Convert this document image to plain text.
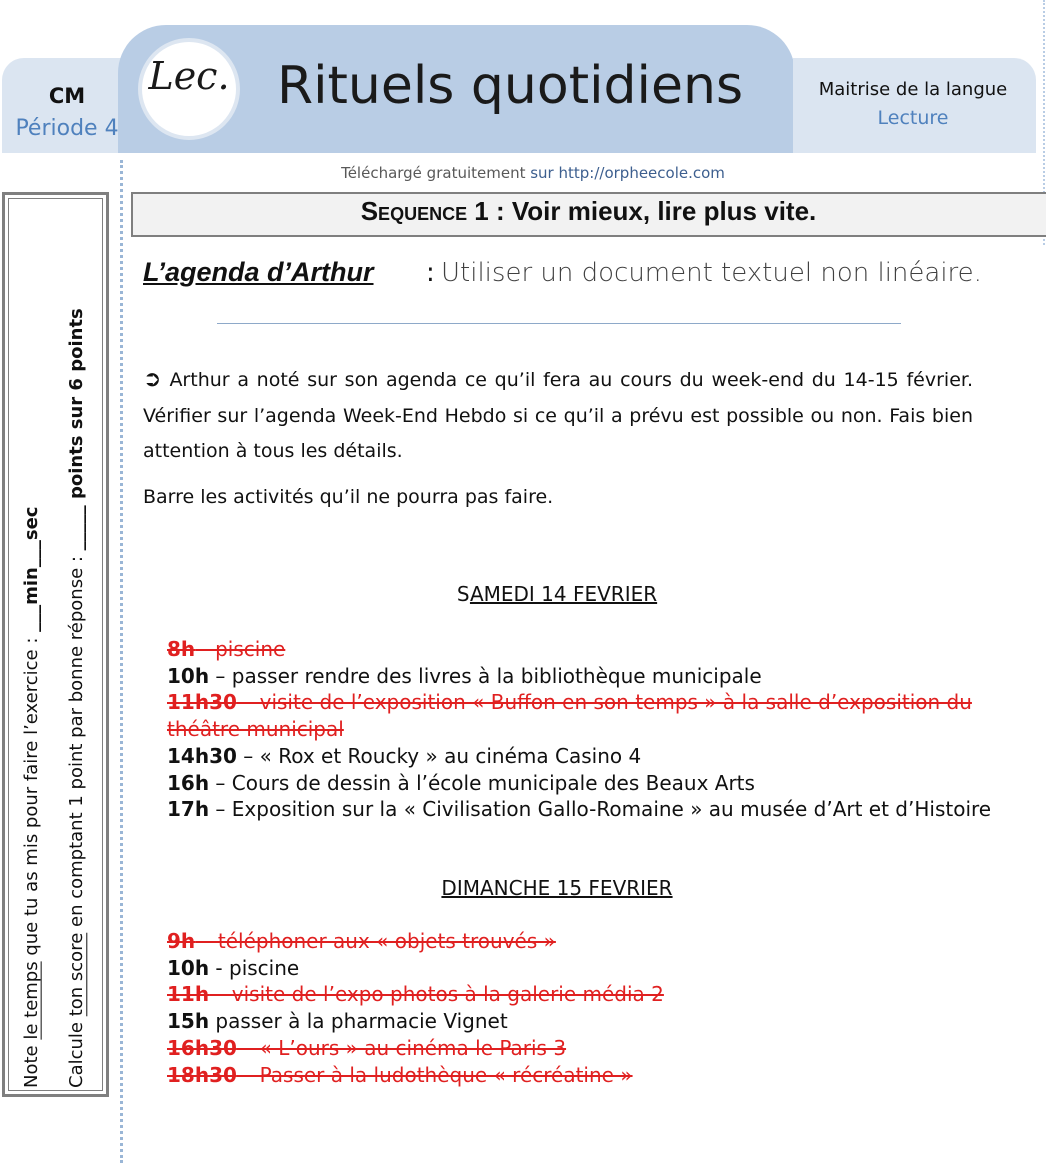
CM
Période 4
Lec. Rituels quotidiens	Maitrise de la langue
Lecture
Téléchargé gratuitement sur http://orpheecole.com
Note le temps que tu as mis pour faire l’exercice : ___min___sec
Calcule ton score en comptant 1 point par bonne réponse : _____ points sur 6 points
Sequence 1 : Voir mieux, lire plus vite.
L’agenda d’Arthur : Utiliser un document textuel non linéaire.
➲ Arthur a noté sur son agenda ce qu’il fera au cours du week-end du 14-15 février. Vérifier sur l’agenda Week-End Hebdo si ce qu’il a prévu est possible ou non. Fais bien attention à tous les détails.
Barre les activités qu’il ne pourra pas faire.
SAMEDI 14 FEVRIER
DIMANCHE 15 FEVRIER
8h - piscine
10h – passer rendre des livres à la bibliothèque municipale
11h30 – visite de l’exposition « Buffon en son temps » à la salle d’exposition du théâtre municipal
14h30 – « Rox et Roucky » au cinéma Casino 4
16h – Cours de dessin à l’école municipale des Beaux Arts
17h – Exposition sur la « Civilisation Gallo-Romaine » au musée d’Art et d’Histoire
9h – téléphoner aux « objets trouvés »
10h - piscine
11h – visite de l’expo photos à la galerie média 2
15h passer à la pharmacie Vignet
16h30 – « L’ours » au cinéma le Paris 3
18h30 – Passer à la ludothèque « récréatine »
